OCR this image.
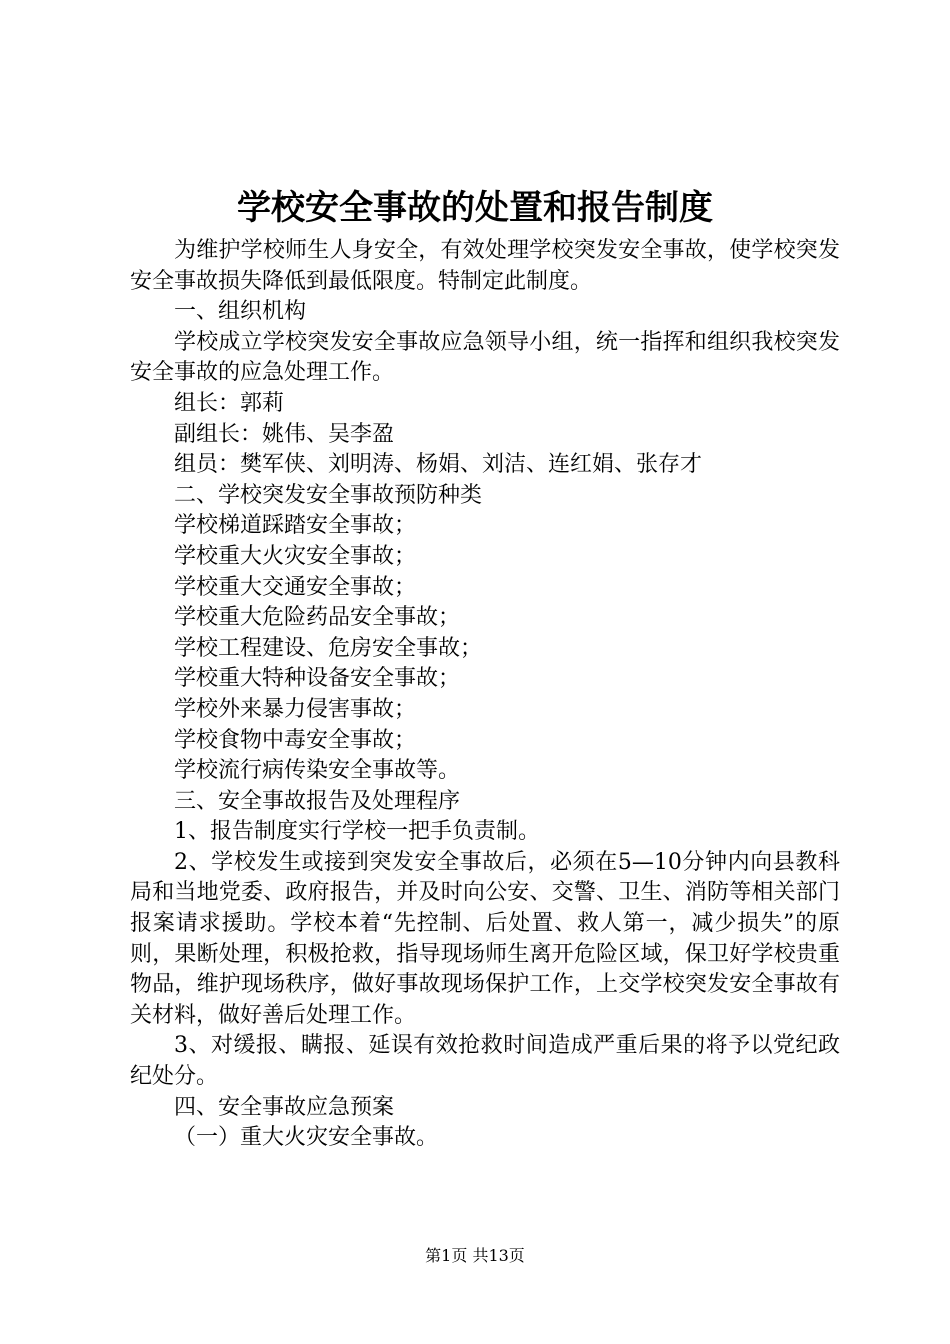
学校安全事故的处置和报告制度

为维护学校师生人身安全，有效处理学校突发安全事故，使学校突发安全事故损失降低到最低限度。特制定此制度。

一、组织机构

学校成立学校突发安全事故应急领导小组，统一指挥和组织我校突发安全事故的应急处理工作。

组长：郭莉

副组长：姚伟、吴李盈

组员：樊军侠、刘明涛、杨娟、刘洁、连红娟、张存才

二、学校突发安全事故预防种类

学校梯道踩踏安全事故；

学校重大火灾安全事故；

学校重大交通安全事故；

学校重大危险药品安全事故；

学校工程建设、危房安全事故；

学校重大特种设备安全事故；

学校外来暴力侵害事故；

学校食物中毒安全事故；

学校流行病传染安全事故等。

三、安全事故报告及处理程序

1、报告制度实行学校一把手负责制。

2、学校发生或接到突发安全事故后，必须在5—10分钟内向县教科局和当地党委、政府报告，并及时向公安、交警、卫生、消防等相关部门报案请求援助。学校本着“先控制、后处置、救人第一，减少损失”的原则，果断处理，积极抢救，指导现场师生离开危险区域，保卫好学校贵重物品，维护现场秩序，做好事故现场保护工作，上交学校突发安全事故有关材料，做好善后处理工作。

3、对缓报、瞒报、延误有效抢救时间造成严重后果的将予以党纪政纪处分。

四、安全事故应急预案

（一）重大火灾安全事故。

第1页 共13页
